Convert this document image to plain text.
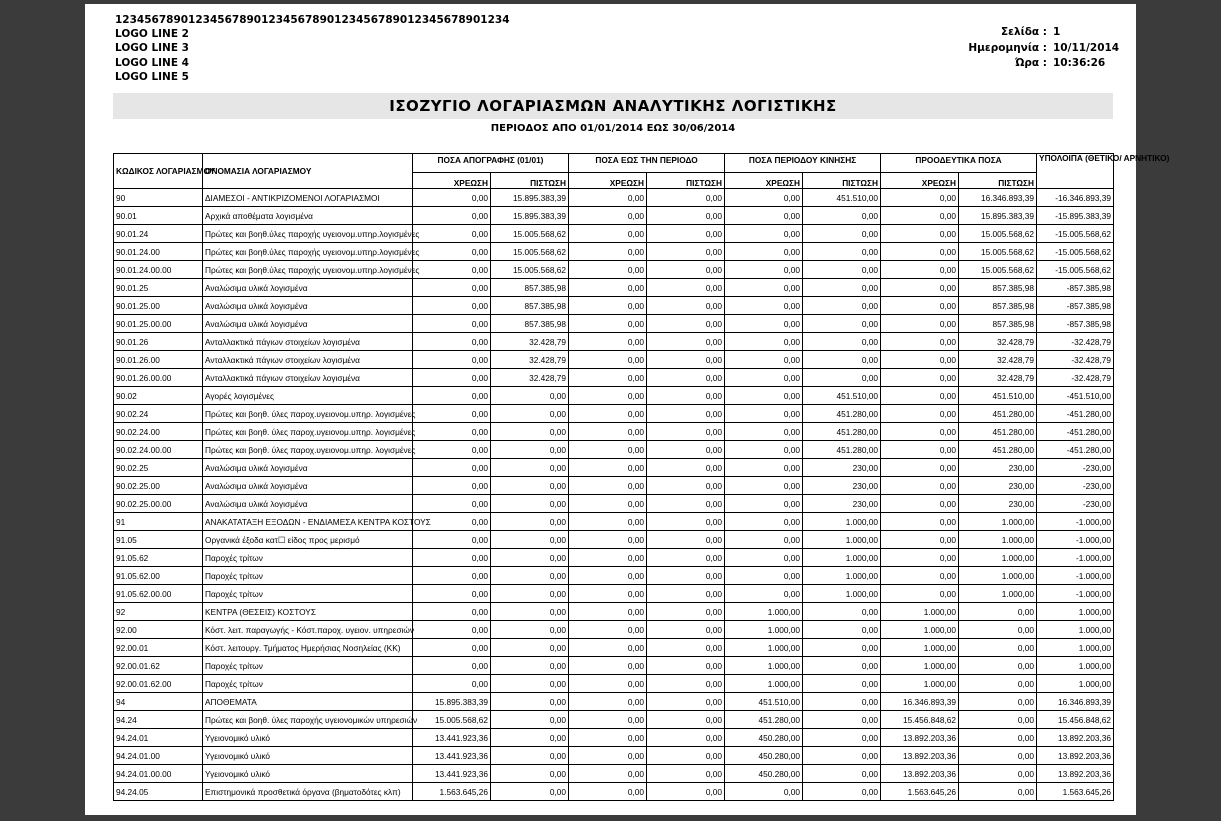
123456789012345678901234567890123456789012345678901234
LOGO LINE 2
LOGO LINE 3
LOGO LINE 4
LOGO LINE 5
Σελίδα : 1
Ημερομηνία : 10/11/2014
Ώρα : 10:36:26
ΙΣΟΖΥΓΙΟ ΛΟΓΑΡΙΑΣΜΩΝ ΑΝΑΛΥΤΙΚΗΣ ΛΟΓΙΣΤΙΚΗΣ
ΠΕΡΙΟΔΟΣ ΑΠΟ 01/01/2014 ΕΩΣ 30/06/2014
ΚΩΔΙΚΟΣ ΛΟΓΑΡΙΑΣΜΟΥ	ΟΝΟΜΑΣΙΑ ΛΟΓΑΡΙΑΣΜΟΥ	ΠΟΣΑ ΑΠΟΓΡΑΦΗΣ (01/01)		ΠΟΣΑ ΕΩΣ ΤΗΝ ΠΕΡΙΟΔΟ		ΠΟΣΑ ΠΕΡΙΟΔΟΥ ΚΙΝΗΣΗΣ		ΠΡΟΟΔΕΥΤΙΚΑ ΠΟΣΑ		ΥΠΟΛΟΙΠΑ (ΘΕΤΙΚΟ/ ΑΡΝΗΤΙΚΟ)
		ΧΡΕΩΣΗ	ΠΙΣΤΩΣΗ	ΧΡΕΩΣΗ	ΠΙΣΤΩΣΗ	ΧΡΕΩΣΗ	ΠΙΣΤΩΣΗ	ΧΡΕΩΣΗ	ΠΙΣΤΩΣΗ	
90	ΔΙΑΜΕΣΟΙ - ΑΝΤΙΚΡΙΖΟΜΕΝΟΙ ΛΟΓΑΡΙΑΣΜΟΙ	0,00	15.895.383,39	0,00	0,00	0,00	451.510,00	0,00	16.346.893,39	-16.346.893,39
90.01	Αρχικά αποθέματα λογισμένα	0,00	15.895.383,39	0,00	0,00	0,00	0,00	0,00	15.895.383,39	-15.895.383,39
90.01.24	Πρώτες και βοηθ.ύλες παροχής υγειονομ.υπηρ.λογισμένες	0,00	15.005.568,62	0,00	0,00	0,00	0,00	0,00	15.005.568,62	-15.005.568,62
90.01.24.00	Πρώτες και βοηθ.ύλες παροχής υγειονομ.υπηρ.λογισμένες	0,00	15.005.568,62	0,00	0,00	0,00	0,00	0,00	15.005.568,62	-15.005.568,62
90.01.24.00.00	Πρώτες και βοηθ.ύλες παροχής υγειονομ.υπηρ.λογισμένες	0,00	15.005.568,62	0,00	0,00	0,00	0,00	0,00	15.005.568,62	-15.005.568,62
90.01.25	Αναλώσιμα υλικά λογισμένα	0,00	857.385,98	0,00	0,00	0,00	0,00	0,00	857.385,98	-857.385,98
90.01.25.00	Αναλώσιμα υλικά λογισμένα	0,00	857.385,98	0,00	0,00	0,00	0,00	0,00	857.385,98	-857.385,98
90.01.25.00.00	Αναλώσιμα υλικά λογισμένα	0,00	857.385,98	0,00	0,00	0,00	0,00	0,00	857.385,98	-857.385,98
90.01.26	Ανταλλακτικά πάγιων στοιχείων λογισμένα	0,00	32.428,79	0,00	0,00	0,00	0,00	0,00	32.428,79	-32.428,79
90.01.26.00	Ανταλλακτικά πάγιων στοιχείων λογισμένα	0,00	32.428,79	0,00	0,00	0,00	0,00	0,00	32.428,79	-32.428,79
90.01.26.00.00	Ανταλλακτικά πάγιων στοιχείων λογισμένα	0,00	32.428,79	0,00	0,00	0,00	0,00	0,00	32.428,79	-32.428,79
90.02	Αγορές λογισμένες	0,00	0,00	0,00	0,00	0,00	451.510,00	0,00	451.510,00	-451.510,00
90.02.24	Πρώτες και βοηθ. ύλες παροχ.υγειονομ.υπηρ. λογισμένες	0,00	0,00	0,00	0,00	0,00	451.280,00	0,00	451.280,00	-451.280,00
90.02.24.00	Πρώτες και βοηθ. ύλες παροχ.υγειονομ.υπηρ. λογισμένες	0,00	0,00	0,00	0,00	0,00	451.280,00	0,00	451.280,00	-451.280,00
90.02.24.00.00	Πρώτες και βοηθ. ύλες παροχ.υγειονομ.υπηρ. λογισμένες	0,00	0,00	0,00	0,00	0,00	451.280,00	0,00	451.280,00	-451.280,00
90.02.25	Αναλώσιμα υλικά λογισμένα	0,00	0,00	0,00	0,00	0,00	230,00	0,00	230,00	-230,00
90.02.25.00	Αναλώσιμα υλικά λογισμένα	0,00	0,00	0,00	0,00	0,00	230,00	0,00	230,00	-230,00
90.02.25.00.00	Αναλώσιμα υλικά λογισμένα	0,00	0,00	0,00	0,00	0,00	230,00	0,00	230,00	-230,00
91	ΑΝΑΚΑΤΑΤΑΞΗ ΕΞΟΔΩΝ - ΕΝΔΙΑΜΕΣΑ ΚΕΝΤΡΑ ΚΟΣΤΟΥΣ	0,00	0,00	0,00	0,00	0,00	1.000,00	0,00	1.000,00	-1.000,00
91.05	Οργανικά έξοδα κατ☐ είδος προς μερισμό	0,00	0,00	0,00	0,00	0,00	1.000,00	0,00	1.000,00	-1.000,00
91.05.62	Παροχές τρίτων	0,00	0,00	0,00	0,00	0,00	1.000,00	0,00	1.000,00	-1.000,00
91.05.62.00	Παροχές τρίτων	0,00	0,00	0,00	0,00	0,00	1.000,00	0,00	1.000,00	-1.000,00
91.05.62.00.00	Παροχές τρίτων	0,00	0,00	0,00	0,00	0,00	1.000,00	0,00	1.000,00	-1.000,00
92	ΚΕΝΤΡΑ (ΘΕΣΕΙΣ) ΚΟΣΤΟΥΣ	0,00	0,00	0,00	0,00	1.000,00	0,00	1.000,00	0,00	1.000,00
92.00	Κόστ. λειτ. παραγωγής - Κόστ.παροχ. υγειον. υπηρεσιών	0,00	0,00	0,00	0,00	1.000,00	0,00	1.000,00	0,00	1.000,00
92.00.01	Κόστ. λειτουργ. Τμήματος Ημερήσιας Νοσηλείας (ΚΚ)	0,00	0,00	0,00	0,00	1.000,00	0,00	1.000,00	0,00	1.000,00
92.00.01.62	Παροχές τρίτων	0,00	0,00	0,00	0,00	1.000,00	0,00	1.000,00	0,00	1.000,00
92.00.01.62.00	Παροχές τρίτων	0,00	0,00	0,00	0,00	1.000,00	0,00	1.000,00	0,00	1.000,00
94	ΑΠΟΘΕΜΑΤΑ	15.895.383,39	0,00	0,00	0,00	451.510,00	0,00	16.346.893,39	0,00	16.346.893,39
94.24	Πρώτες και βοηθ. ύλες παροχής υγειονομικών υπηρεσιών	15.005.568,62	0,00	0,00	0,00	451.280,00	0,00	15.456.848,62	0,00	15.456.848,62
94.24.01	Υγειονομικό υλικό	13.441.923,36	0,00	0,00	0,00	450.280,00	0,00	13.892.203,36	0,00	13.892.203,36
94.24.01.00	Υγειονομικό υλικό	13.441.923,36	0,00	0,00	0,00	450.280,00	0,00	13.892.203,36	0,00	13.892.203,36
94.24.01.00.00	Υγειονομικό υλικό	13.441.923,36	0,00	0,00	0,00	450.280,00	0,00	13.892.203,36	0,00	13.892.203,36
94.24.05	Επιστημονικά προσθετικά όργανα (βηματοδότες κλπ)	1.563.645,26	0,00	0,00	0,00	0,00	0,00	1.563.645,26	0,00	1.563.645,26
